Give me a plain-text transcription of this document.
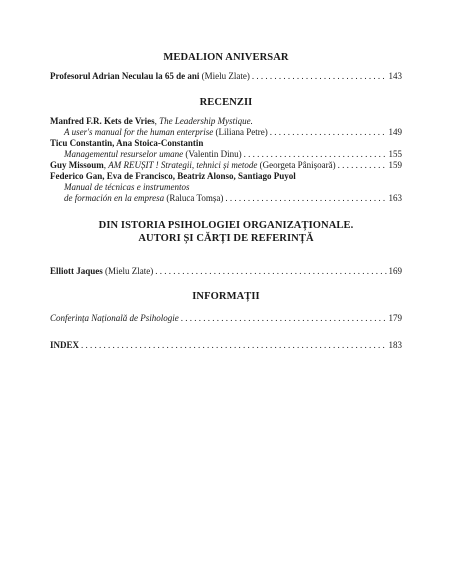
MEDALION ANIVERSAR
Profesorul Adrian Neculau la 65 de ani (Mielu Zlate) . . .	143
RECENZII
Manfred F.R. Kets de Vries, The Leadership Mystique.
A user's manual for the human enterprise (Liliana Petre) . . .	149
Ticu Constantin, Ana Stoica-Constantin
Managementul resurselor umane (Valentin Dinu) . . .	155
Guy Missoum, AM REUȘIT ! Strategii, tehnici și metode (Georgeta Pânișoară) . . .	159
Federico Gan, Eva de Francisco, Beatriz Alonso, Santiago Puyol
Manual de técnicas e instrumentos
de formación en la empresa (Raluca Tomșa) . . .	163
DIN ISTORIA PSIHOLOGIEI ORGANIZAȚIONALE.
AUTORI ȘI CĂRȚI DE REFERINȚĂ
Elliott Jaques (Mielu Zlate) . . .	169
INFORMAȚII
Conferința Națională de Psihologie . . .	179
INDEX . . .	183
